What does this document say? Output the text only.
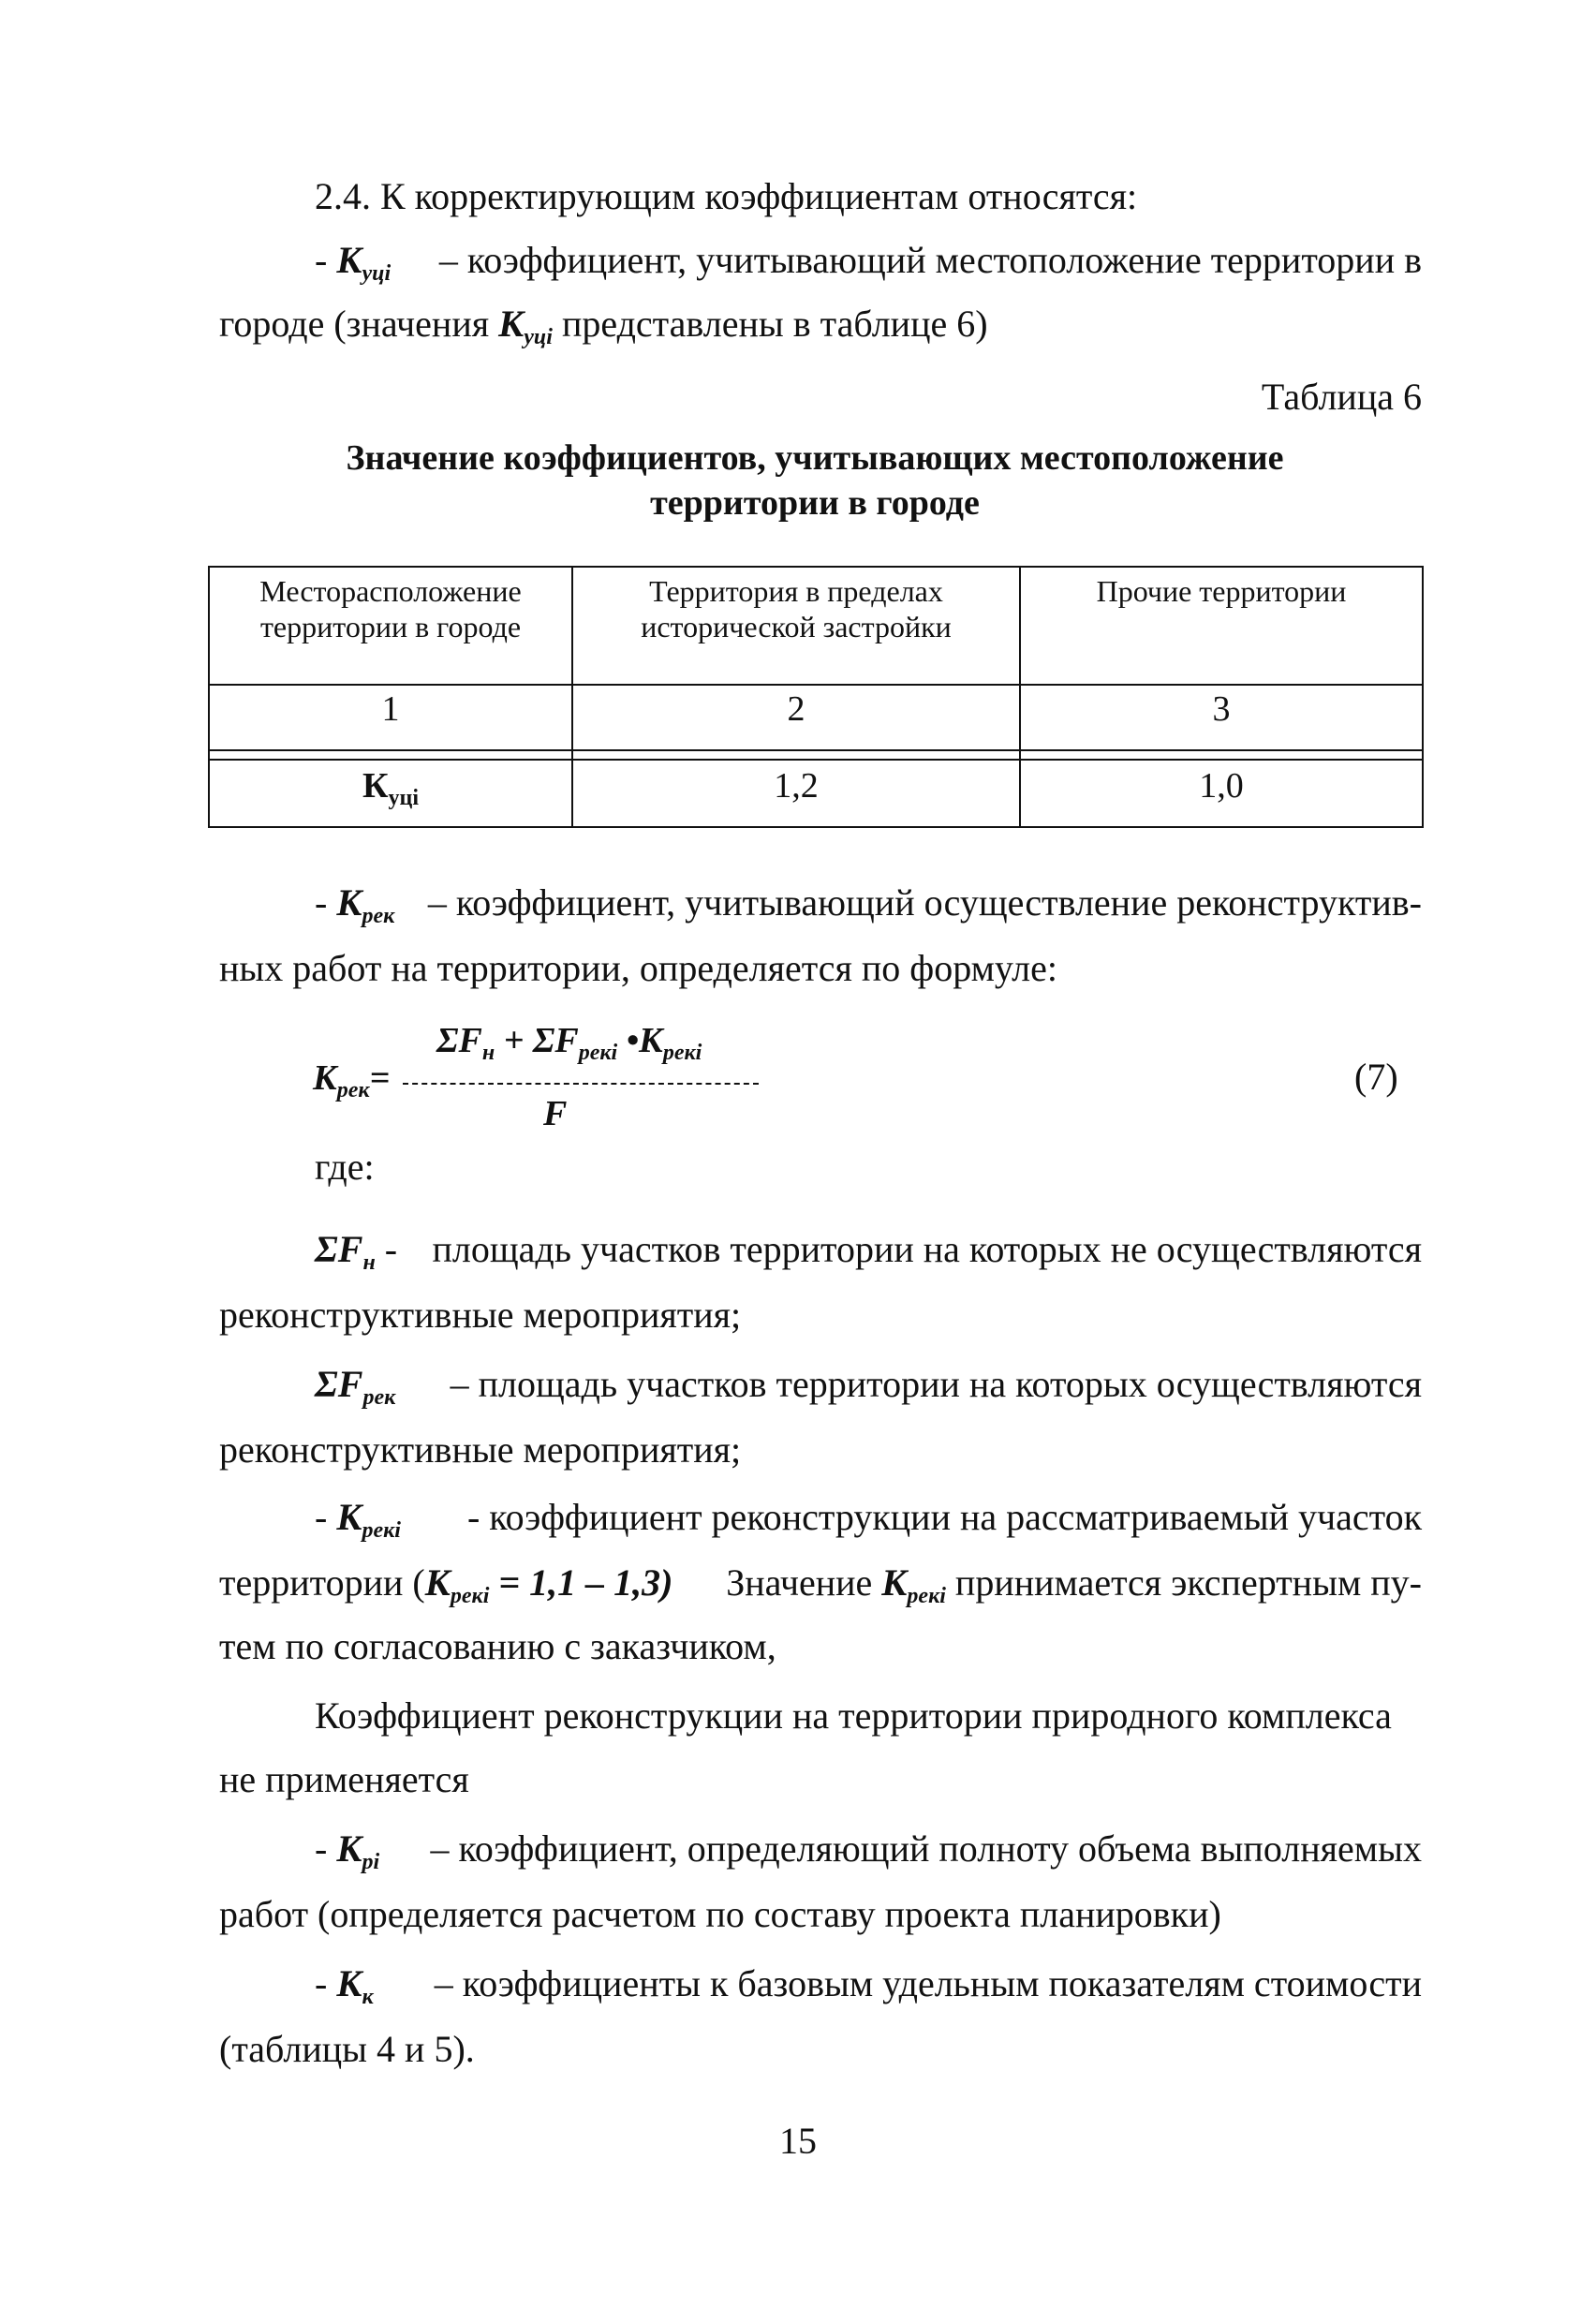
2.4. К корректирующим коэффициентам относятся:
- $К_{уці}$ – коэффициент, учитывающий местоположение территории в
городе (значения $К_{уці}$ представлены в таблице 6)
Таблица 6
Значение коэффициентов, учитывающих местоположение
территории в городе
Месторасположение территории в городе	Территория в пределах исторической застройки	Прочие территории
1	2	3

$К_{уці}$	1,2	1,0
- $К_{рек}$ – коэффициент, учитывающий осуществление реконструктив-
ных работ на территории, определяется по формуле:
$\Sigma F_н + \Sigma F_{рекі}$ $•К_{рекі}$
$К_{рек}=$
F
(7)
где:
$\Sigma F_н$ - площадь участков территории на которых не осуществляются
реконструктивные мероприятия;
$\Sigma F_{рек}$ – площадь участков территории на которых осуществляются
реконструктивные мероприятия;
- $К_{рекі}$ - коэффициент реконструкции на рассматриваемый участок
территории $(К_{рекі} = 1,1 - 1,3)$ Значение $К_{рекі}$ принимается экспертным пу-
тем по согласованию с заказчиком,
Коэффициент реконструкции на территории природного комплекса
не применяется
- $К_{рі}$ – коэффициент, определяющий полноту объема выполняемых
работ (определяется расчетом по составу проекта планировки)
- $К_к$ – коэффициенты к базовым удельным показателям стоимости
(таблицы 4 и 5).
15
